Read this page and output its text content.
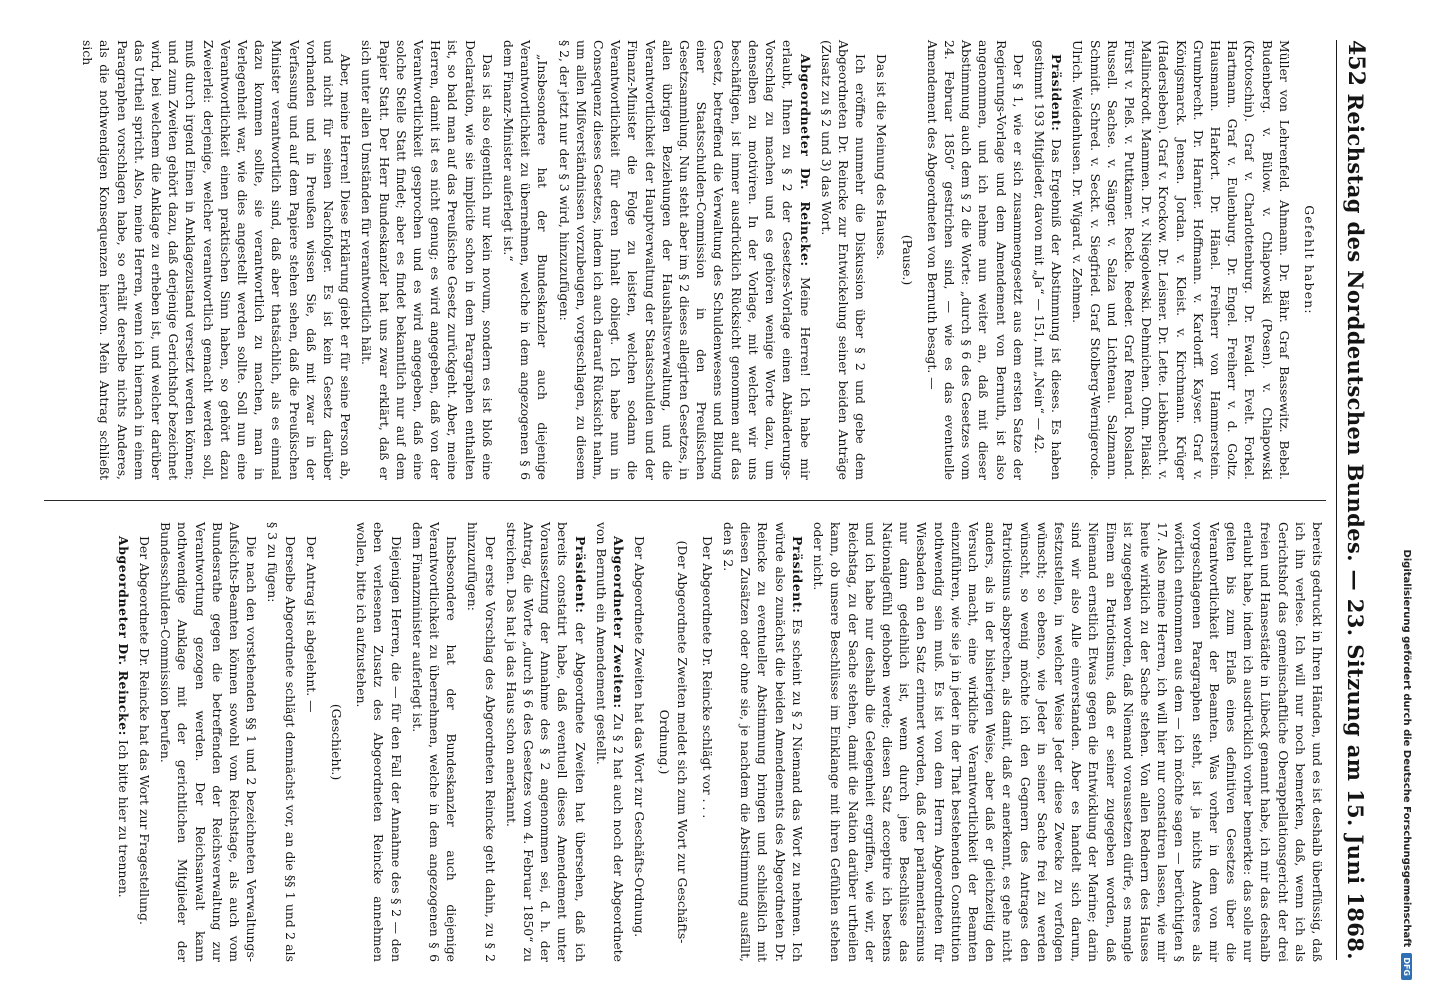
452
Reichstag des Norddeutschen Bundes. — 23. Sitzung am 15. Juni 1868.

Gefehlt haben:

Müller von Lehrenfeld. Ahmann. Dr. Bähr. Graf Bassewitz. Bebel. Budenberg. v. Bülow. v. Chlapowski (Posen). v. Chlapowski (Krotoschin). Graf v. Charlottenburg. Dr. Ewald. Evelt. Forkel. Hartmann. Graf v. Eulenburg. Dr. Engel. Freiherr v. d. Goltz. Hausmann. Harkort. Dr. Hänel. Freiherr von Hammerstein. Grumbrecht. Dr. Harnier. Hoffmann. v. Kardorff. Kayser. Graf v. Königsmarck. Jensen. Jordan. v. Kleist. v. Kirchmann. Krüger (Hadersleben). Graf v. Krockow. Dr. Leisner. Dr. Lette. Liebknecht. v. Mallinckrodt. Mammen. Dr. v. Niegolewski. Dehmichen. Ohm. Pilaski. Fürst v. Pleß. v. Puttkamer. Reckle. Reeder. Graf Renard. Rosland. Russell. Sachse. v. Sänger. v. Salza und Lichtenau. Salzmann. Schmidt. Schred. v. Seckt. v. Siegfried. Graf Stolberg-Wernigerode. Ulrich. Weidenhusen. Dr. Wigard. v. Zehmen.

Präsident: Das Ergebniß der Abstimmung ist dieses. Es haben gestimmt 193 Mitglieder, davon mit „Ja“ — 151, mit „Nein“ — 42.

Der § 1, wie er sich zusammengesetzt aus dem ersten Satze der Regierungs-Vorlage und dem Amendement von Bernuth, ist also angenommen, und ich nehme nun weiter an, daß mit dieser Abstimmung auch dem § 2 die Worte: „durch § 6 des Gesetzes vom 24. Februar 1850“ gestrichen sind, — wie es das eventuelle Amendement des Abgeordneten von Bernuth besagt. —

(Pause.)

Das ist die Meinung des Hauses.

Ich eröffne nunmehr die Diskussion über § 2 und gebe dem Abgeordneten Dr. Reincke zur Entwickelung seiner beiden Anträge (Zusatz zu § 2 und 3) das Wort.

Abgeordneter Dr. Reincke: Meine Herren! Ich habe mir erlaubt, Ihnen zu § 2 der Gesetzes-Vorlage einen Abänderungs-Vorschlag zu machen und es gehören wenige Worte dazu, um denselben zu motiviren. In der Vorlage, mit welcher wir uns beschäftigen, ist immer ausdrücklich Rücksicht genommen auf das Gesetz, betreffend die Verwaltung des Schuldenwesens und Bildung einer Staatsschulden-Commission in den Preußischen Gesetzsammlung. Nun steht aber im § 2 dieses allegirten Gesetzes, in allen übrigen Beziehungen der Haushaltsverwaltung, und die Verantwortlichkeit der Hauptverwaltung der Staatsschulden und der Finanz-Minister die Folge zu leisten, welchen sodann die Verantwortlichkeit für deren Inhalt obliegt. Ich habe nun in Consequenz dieses Gesetzes, indem ich auch darauf Rücksicht nahm, um allen Mißverständnissen vorzubeugen, vorgeschlagen, zu diesem § 2, der jetzt nur der § 3 wird, hinzuzufügen:

„Insbesondere hat der Bundeskanzler auch diejenige Verantwortlichkeit zu übernehmen, welche in dem angezogenen § 6 dem Finanz-Minister auferlegt ist.“

Das ist also eigentlich nur kein novum, sondern es ist bloß eine Declaration, wie sie implicite schon in dem Paragraphen enthalten ist, so bald man auf das Preußische Gesetz zurückgeht. Aber, meine Herren, damit ist es nicht genug; es wird angegeben, daß von der Verantwortlichkeit gesprochen und es wird angegeben, daß eine solche Stelle Statt findet; aber es findet bekanntlich nur auf dem Papier Statt. Der Herr Bundeskanzler hat uns zwar erklärt, daß er sich unter allen Umständen für verantwortlich hält.

Aber, meine Herren! Diese Erklärung giebt er für seine Person ab, und nicht für seinen Nachfolger. Es ist kein Gesetz darüber vorhanden und in Preußen wissen Sie, daß mit zwar in der Verfassung und auf dem Papiere stehen sehen, daß die Preußischen Minister verantwortlich sind, daß aber thatsächlich, als es einmal dazu kommen sollte, sie verantwortlich zu machen, man in Verlegenheit war, wie dies angestellt werden sollte. Soll nun eine Verantwortlichkeit einen praktischen Sinn haben, so gehört dazu Zweierlei: derjenige, welcher verantwortlich gemacht werden soll, muß durch irgend Einen in Anklagezustand versetzt werden können; und zum Zweiten gehört dazu, daß derjenige Gerichtshof bezeichnet wird, bei welchem die Anklage zu erheben ist, und welcher darüber das Urtheil spricht. Also, meine Herren, wenn ich hiernach in einem Paragraphen vorschlagen habe, so erhält derselbe nichts Anderes, als die nothwendigen Konsequenzen hiervon. Mein Antrag schließt sich

bereits gedruckt in Ihren Händen, und es ist deshalb überflüssig, daß ich ihn verlese. Ich will nur noch bemerken, daß, wenn ich als Gerichtshof das gemeinschaftliche Oberappellationsgericht der drei freien und Hansestädte in Lübeck genannt habe, ich mir das deshalb erlaubt habe, indem ich ausdrücklich vorher bemerkte: das solle nur gelten bis zum Erlaß eines definitiven Gesetzes über die Verantwortlichkeit der Beamten. Was vorher in dem von mir vorgeschlagenen Paragraphen steht, ist ja nichts Anderes als wörtlich entnommen aus dem — ich möchte sagen — berüchtigten § 17. Also meine Herren, ich will hier nur constatiren lassen, wie mir heute wirklich zu der Sache stehen. Von allen Rednern des Hauses ist zugegeben worden, daß Niemand voraussetzen dürfe, es mangle Einem an Patriotismus, daß er seiner zugegeben worden, daß Niemand ernstlich Etwas gegen die Entwicklung der Marine; darin sind wir also Alle einverstanden. Aber es handelt sich darum, festzustellen, in welcher Weise Jeder diese Zwecke zu verfolgen wünscht; so ebenso, wie Jeder in seiner Sache frei zu werden wünscht, so wenig möchte ich den Gegnern des Antrages den Patriotismus absprechen, als damit, daß er anerkennt, es gehe nicht anders, als in der bisherigen Weise, aber daß er gleichzeitig den Versuch macht, eine wirkliche Verantwortlichkeit der Beamten einzuführen, wie sie ja in jeder in der That bestehenden Constitution nothwendig sein muß. Es ist von dem Herrn Abgeordneten für Wiesbaden an den Satz erinnert worden, daß der parlamentarismus nur dann gedeihlich ist, wenn durch jene Beschlüsse das Nationalgefühl gehoben werde; diesen Satz acceptire ich bestens und ich habe nur deshalb die Gelegenheit ergriffen, wie wir, der Reichstag, zu der Sache stehen, damit die Nation darüber urtheilen kann, ob unsere Beschlüsse im Einklange mit ihren Gefühlen stehen oder nicht.

Präsident: Es scheint zu § 2 Niemand das Wort zu nehmen. Ich würde also zunächst die beiden Amendements des Abgeordneten Dr. Reincke zu eventueller Abstimmung bringen und schließlich mit diesen Zusätzen oder ohne sie, je nachdem die Abstimmung ausfällt, den § 2.

Der Abgeordnete Dr. Reincke schlägt vor . . .

(Der Abgeordnete Zweiten meldet sich zum Wort zur Geschäfts-Ordnung.)

Der Abgeordnete Zweiten hat das Wort zur Geschäfts-Ordnung.

Abgeordneter Zweiten: Zu § 2 hat auch noch der Abgeordnete von Bernuth ein Amendement gestellt.

Präsident: der Abgeordnete Zweiten hat übersehen, daß ich bereits constatirt habe, daß eventuell dieses Amendement unter Voraussetzung der Annahme des § 2 angenommen sei, d. h. der Antrag, die Worte „durch § 6 des Gesetzes vom 4. Februar 1850“ zu streichen. Das hat ja das Haus schon anerkannt.

Der erste Vorschlag des Abgeordneten Reincke geht dahin, zu § 2 hinzuzufügen:

Insbesondere hat der Bundeskanzler auch diejenige Verantwortlichkeit zu übernehmen, welche in dem angezogenen § 6 dem Finanzminister auferlegt ist.

Diejenigen Herren, die — für den Fall der Annahme des § 2 — den eben verlesenen Zusatz des Abgeordneten Reincke annehmen wollen, bitte ich aufzustehen.

(Geschieht.)

Der Antrag ist abgelehnt. —

Derselbe Abgeordnete schlägt demnächst vor, an die §§ 1 und 2 als § 3 zu fügen:

Die nach den vorstehenden §§ 1 und 2 bezeichneten Verwaltungs-Aufsichts-Beamten können sowohl vom Reichstage, als auch vom Bundesrathe gegen die betreffenden der Reichsverwaltung zur Verantwortung gezogen werden. Der Reichsanwalt kann nothwendige Anklage mit der gerichtlichen Mitglieder der Bundesschulden-Commission berufen.

Der Abgeordnete Dr. Reincke hat das Wort zur Fragestellung.

Abgeordneter Dr. Reincke: Ich bitte hier zu trennen.	Digitalisierung gefördert durch die Deutsche Forschungsgemeinschaft
DFG
